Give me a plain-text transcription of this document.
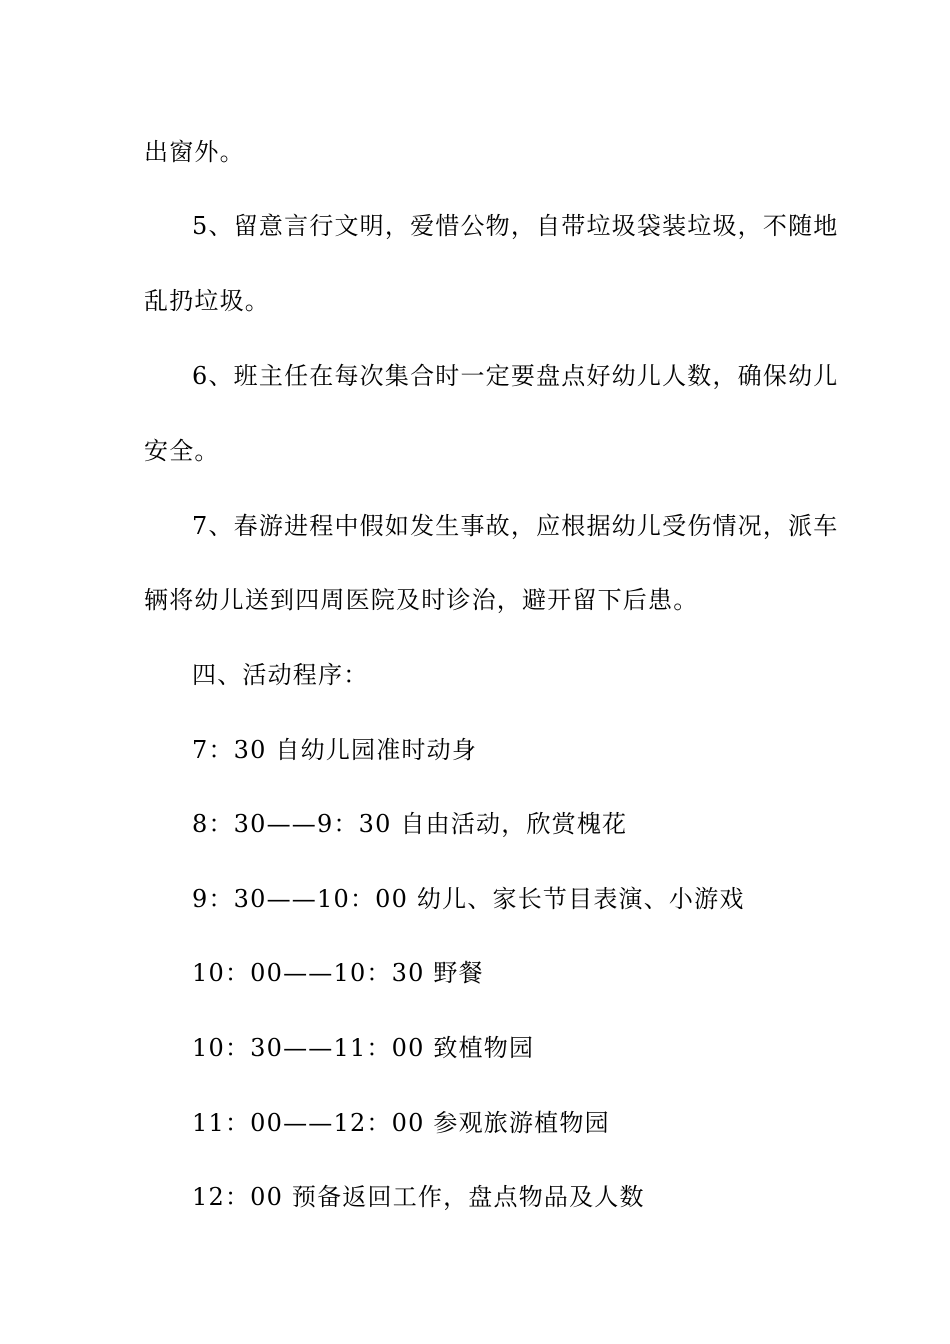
出窗外。
5、留意言行文明，爱惜公物，自带垃圾袋装垃圾，不随地
乱扔垃圾。
6、班主任在每次集合时一定要盘点好幼儿人数，确保幼儿
安全。
7、春游进程中假如发生事故，应根据幼儿受伤情况，派车
辆将幼儿送到四周医院及时诊治，避开留下后患。
四、活动程序：
7：30 自幼儿园准时动身
8：30——9：30 自由活动，欣赏槐花
9：30——10：00 幼儿、家长节目表演、小游戏
10：00——10：30 野餐
10：30——11：00 致植物园
11：00——12：00 参观旅游植物园
12：00 预备返回工作，盘点物品及人数
